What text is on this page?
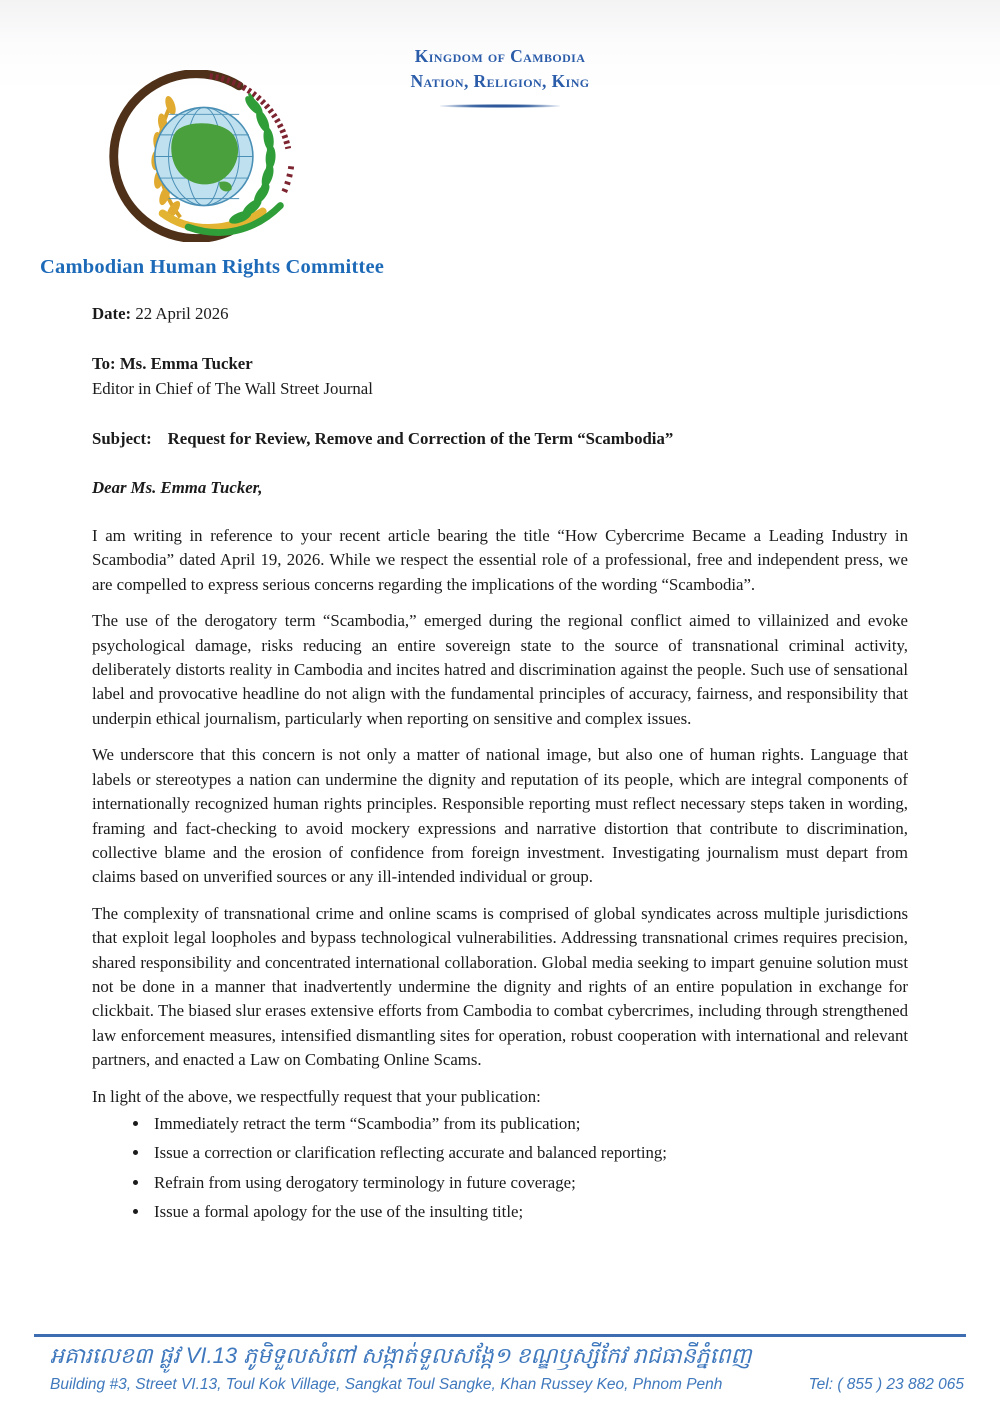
Kingdom of Cambodia
Nation, Religion, King
Cambodian Human Rights Committee
Date: 22 April 2026
To: Ms. Emma Tucker
Editor in Chief of The Wall Street Journal
Subject: Request for Review, Remove and Correction of the Term “Scambodia”
Dear Ms. Emma Tucker,

I am writing in reference to your recent article bearing the title “How Cybercrime Became a Leading Industry in Scambodia” dated April 19, 2026. While we respect the essential role of a professional, free and independent press, we are compelled to express serious concerns regarding the implications of the wording “Scambodia”.

The use of the derogatory term “Scambodia,” emerged during the regional conflict aimed to villainized and evoke psychological damage, risks reducing an entire sovereign state to the source of transnational criminal activity, deliberately distorts reality in Cambodia and incites hatred and discrimination against the people. Such use of sensational label and provocative headline do not align with the fundamental principles of accuracy, fairness, and responsibility that underpin ethical journalism, particularly when reporting on sensitive and complex issues.

We underscore that this concern is not only a matter of national image, but also one of human rights. Language that labels or stereotypes a nation can undermine the dignity and reputation of its people, which are integral components of internationally recognized human rights principles. Responsible reporting must reflect necessary steps taken in wording, framing and fact-checking to avoid mockery expressions and narrative distortion that contribute to discrimination, collective blame and the erosion of confidence from foreign investment. Investigating journalism must depart from claims based on unverified sources or any ill-intended individual or group.

The complexity of transnational crime and online scams is comprised of global syndicates across multiple jurisdictions that exploit legal loopholes and bypass technological vulnerabilities. Addressing transnational crimes requires precision, shared responsibility and concentrated international collaboration. Global media seeking to impart genuine solution must not be done in a manner that inadvertently undermine the dignity and rights of an entire population in exchange for clickbait. The biased slur erases extensive efforts from Cambodia to combat cybercrimes, including through strengthened law enforcement measures, intensified dismantling sites for operation, robust cooperation with international and relevant partners, and enacted a Law on Combating Online Scams.

In light of the above, we respectfully request that your publication:
• Immediately retract the term “Scambodia” from its publication;
• Issue a correction or clarification reflecting accurate and balanced reporting;
• Refrain from using derogatory terminology in future coverage;
• Issue a formal apology for the use of the insulting title;
អគារលេខ៣ ផ្លូវ VI.13 ភូមិទួលសំពៅ សង្កាត់ទួលសង្កែ១ ខណ្ឌឫស្សីកែវ រាជធានីភ្នំពេញ
Building #3, Street VI.13, Toul Kok Village, Sangkat Toul Sangke, Khan Russey Keo, Phnom Penh	Tel: ( 855 ) 23 882 065
